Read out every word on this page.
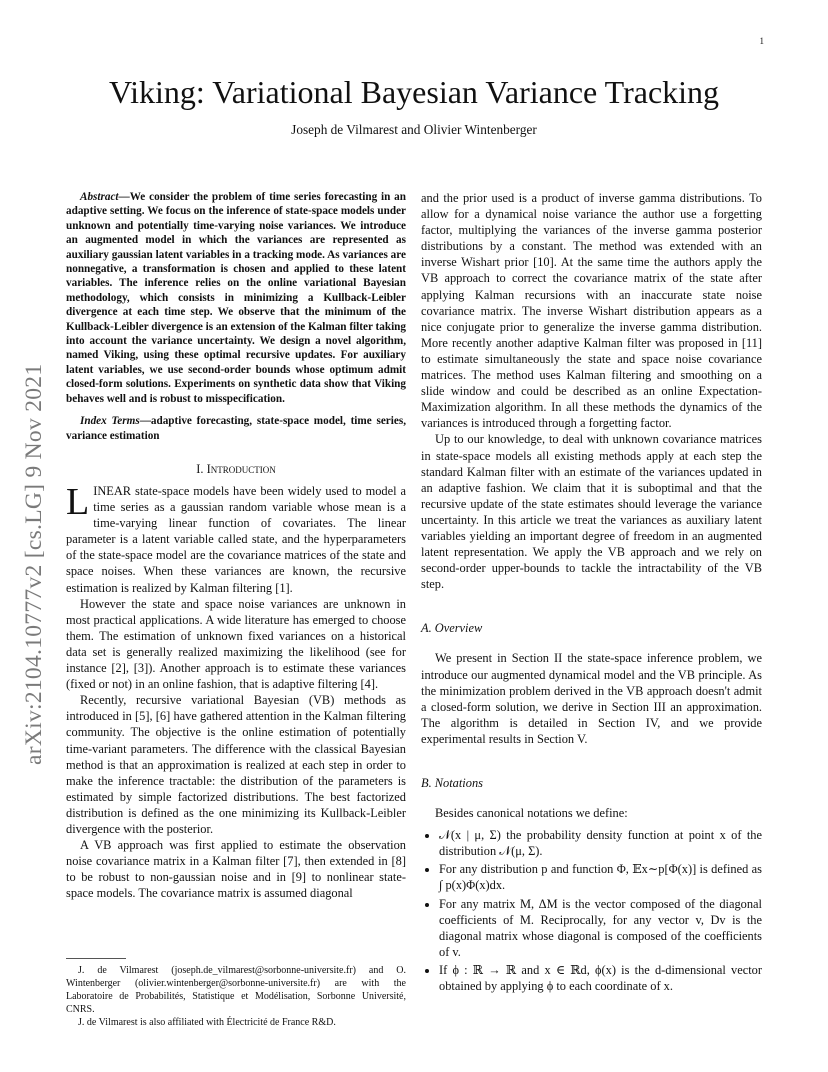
1
arXiv:2104.10777v2 [cs.LG] 9 Nov 2021
Viking: Variational Bayesian Variance Tracking
Joseph de Vilmarest and Olivier Wintenberger

Abstract—We consider the problem of time series forecasting in an adaptive setting. We focus on the inference of state-space models under unknown and potentially time-varying noise variances. We introduce an augmented model in which the variances are represented as auxiliary gaussian latent variables in a tracking mode. As variances are nonnegative, a transformation is chosen and applied to these latent variables. The inference relies on the online variational Bayesian methodology, which consists in minimizing a Kullback-Leibler divergence at each time step. We observe that the minimum of the Kullback-Leibler divergence is an extension of the Kalman filter taking into account the variance uncertainty. We design a novel algorithm, named Viking, using these optimal recursive updates. For auxiliary latent variables, we use second-order bounds whose optimum admit closed-form solutions. Experiments on synthetic data show that Viking behaves well and is robust to misspecification.

Index Terms—adaptive forecasting, state-space model, time series, variance estimation

I. Introduction

LINEAR state-space models have been widely used to model a time series as a gaussian random variable whose mean is a time-varying linear function of covariates. The linear parameter is a latent variable called state, and the hyperparameters of the state-space model are the covariance matrices of the state and space noises. When these variances are known, the recursive estimation is realized by Kalman filtering [1].

However the state and space noise variances are unknown in most practical applications. A wide literature has emerged to choose them. The estimation of unknown fixed variances on a historical data set is generally realized maximizing the likelihood (see for instance [2], [3]). Another approach is to estimate these variances (fixed or not) in an online fashion, that is adaptive filtering [4].

Recently, recursive variational Bayesian (VB) methods as introduced in [5], [6] have gathered attention in the Kalman filtering community. The objective is the online estimation of potentially time-variant parameters. The difference with the classical Bayesian method is that an approximation is realized at each step in order to make the inference tractable: the distribution of the parameters is estimated by simple factorized distributions. The best factorized distribution is defined as the one minimizing its Kullback-Leibler divergence with the posterior.

A VB approach was first applied to estimate the observation noise covariance matrix in a Kalman filter [7], then extended in [8] to be robust to non-gaussian noise and in [9] to nonlinear state-space models. The covariance matrix is assumed diagonal

J. de Vilmarest (joseph.de_vilmarest@sorbonne-universite.fr) and O. Wintenberger (olivier.wintenberger@sorbonne-universite.fr) are with the Laboratoire de Probabilités, Statistique et Modélisation, Sorbonne Université, CNRS.

J. de Vilmarest is also affiliated with Électricité de France R&D.

and the prior used is a product of inverse gamma distributions. To allow for a dynamical noise variance the author use a forgetting factor, multiplying the variances of the inverse gamma posterior distributions by a constant. The method was extended with an inverse Wishart prior [10]. At the same time the authors apply the VB approach to correct the covariance matrix of the state after applying Kalman recursions with an inaccurate state noise covariance matrix. The inverse Wishart distribution appears as a nice conjugate prior to generalize the inverse gamma distribution. More recently another adaptive Kalman filter was proposed in [11] to estimate simultaneously the state and space noise covariance matrices. The method uses Kalman filtering and smoothing on a slide window and could be described as an online Expectation-Maximization algorithm. In all these methods the dynamics of the variances is introduced through a forgetting factor.

Up to our knowledge, to deal with unknown covariance matrices in state-space models all existing methods apply at each step the standard Kalman filter with an estimate of the variances updated in an adaptive fashion. We claim that it is suboptimal and that the recursive update of the state estimates should leverage the variance uncertainty. In this article we treat the variances as auxiliary latent variables yielding an important degree of freedom in an augmented latent representation. We apply the VB approach and we rely on second-order upper-bounds to tackle the intractability of the VB step.

A. Overview

We present in Section II the state-space inference problem, we introduce our augmented dynamical model and the VB principle. As the minimization problem derived in the VB approach doesn't admit a closed-form solution, we derive in Section III an approximation. The algorithm is detailed in Section IV, and we provide experimental results in Section V.

B. Notations

Besides canonical notations we define:

• 𝒩(x | μ, Σ) the probability density function at point x of the distribution 𝒩(μ, Σ).
• For any distribution p and function Φ, 𝔼x∼p[Φ(x)] is defined as ∫ p(x)Φ(x)dx.
• For any matrix M, ΔM is the vector composed of the diagonal coefficients of M. Reciprocally, for any vector v, Dv is the diagonal matrix whose diagonal is composed of the coefficients of v.
• If ϕ : ℝ → ℝ and x ∈ ℝd, ϕ(x) is the d-dimensional vector obtained by applying ϕ to each coordinate of x.
